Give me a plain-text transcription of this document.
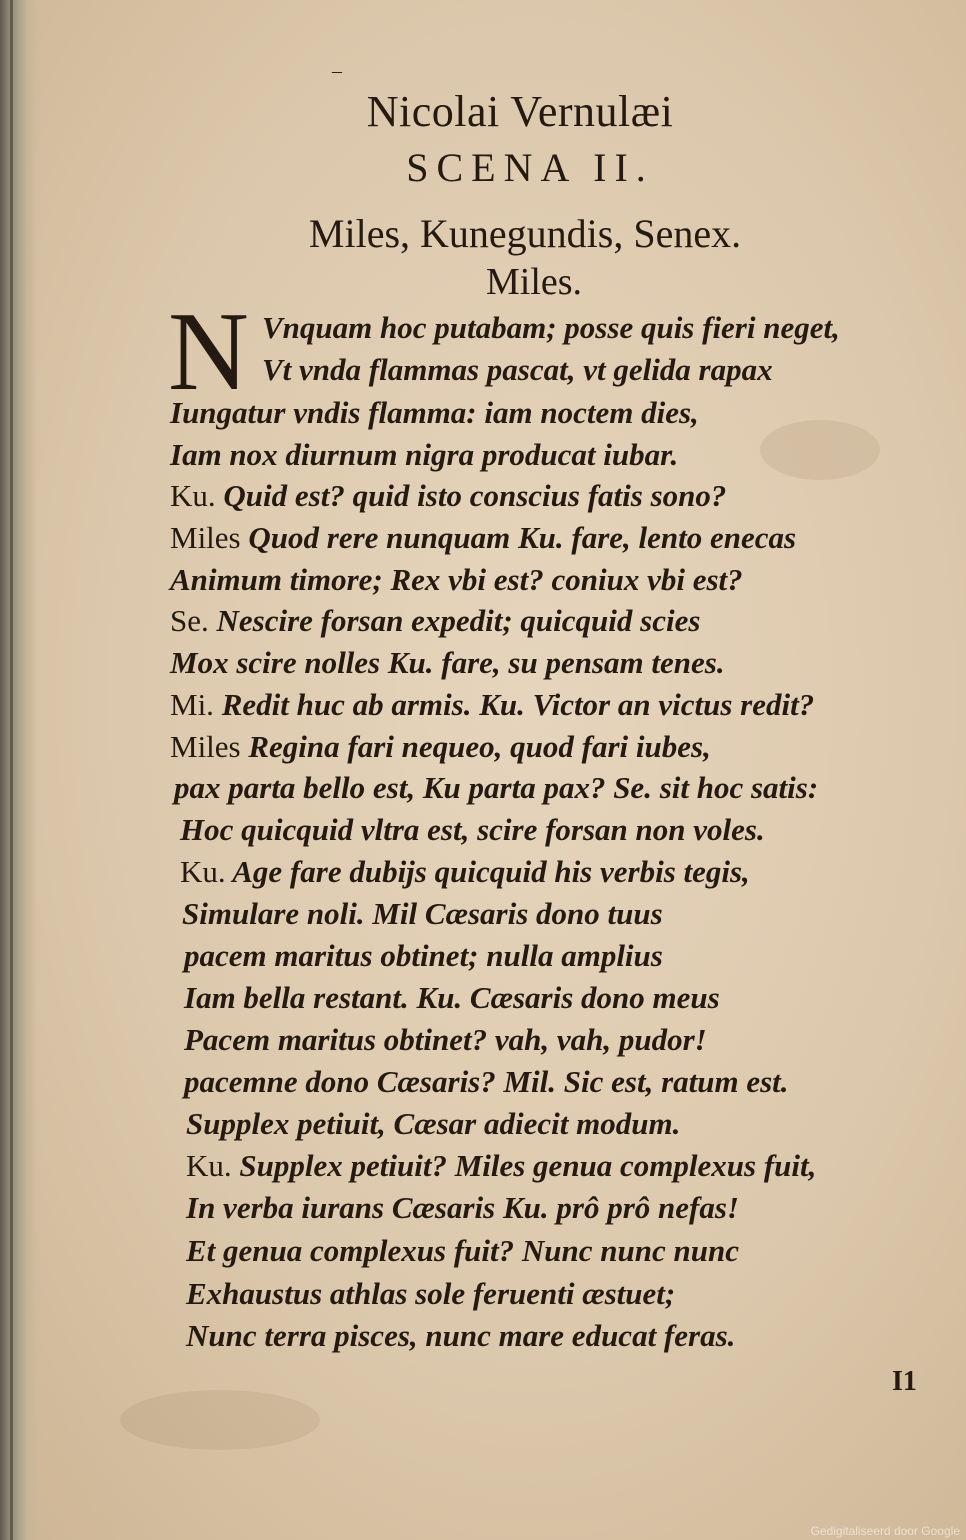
–
Nicolai Vernulæi
SCENA II.
Miles, Kunegundis, Senex.
Miles.
N Vnquam hoc putabam; posse quis fieri neget,
Vt vnda flammas pascat, vt gelida rapax
Iungatur vndis flamma: iam noctem dies,
Iam nox diurnum nigra producat iubar.
Ku. Quid est? quid isto conscius fatis sono?
Miles Quod rere nunquam Ku. fare, lento enecas
Animum timore; Rex vbi est? coniux vbi est?
Se. Nescire forsan expedit; quicquid scies
Mox scire nolles Ku. fare, su pensam tenes.
Mi. Redit huc ab armis. Ku. Victor an victus redit?
Miles Regina fari nequeo, quod fari iubes,
pax parta bello est, Ku parta pax? Se. sit hoc satis:
Hoc quicquid vltra est, scire forsan non voles.
Ku. Age fare dubijs quicquid his verbis tegis,
Simulare noli. Mil Cæsaris dono tuus
pacem maritus obtinet; nulla amplius
Iam bella restant. Ku. Cæsaris dono meus
Pacem maritus obtinet? vah, vah, pudor!
pacemne dono Cæsaris? Mil. Sic est, ratum est.
Supplex petiuit, Cæsar adiecit modum.
Ku. Supplex petiuit? Miles genua complexus fuit,
In verba iurans Cæsaris Ku. prô prô nefas!
Et genua complexus fuit? Nunc nunc nunc
Exhaustus athlas sole feruenti æstuet;
Nunc terra pisces, nunc mare educat feras.
I1
Gedigitaliseerd door Google
